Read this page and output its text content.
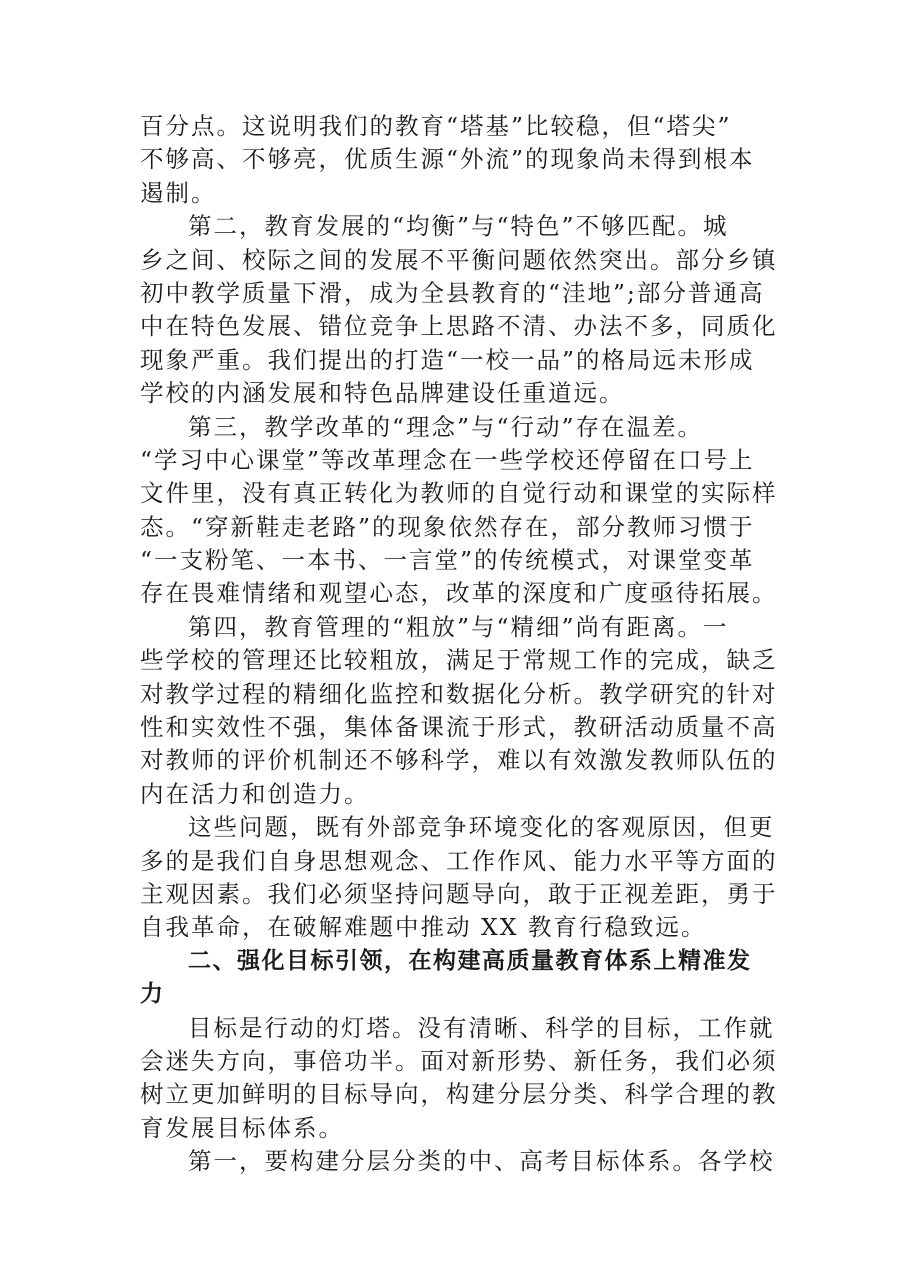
百分点。这说明我们的教育“塔基”比较稳，但“塔尖”
不够高、不够亮，优质生源“外流”的现象尚未得到根本
遏制。
第二，教育发展的“均衡”与“特色”不够匹配。城
乡之间、校际之间的发展不平衡问题依然突出。部分乡镇
初中教学质量下滑，成为全县教育的“洼地”;部分普通高
中在特色发展、错位竞争上思路不清、办法不多，同质化
现象严重。我们提出的打造“一校一品”的格局远未形成
学校的内涵发展和特色品牌建设任重道远。
第三，教学改革的“理念”与“行动”存在温差。
“学习中心课堂”等改革理念在一些学校还停留在口号上
文件里，没有真正转化为教师的自觉行动和课堂的实际样
态。“穿新鞋走老路”的现象依然存在，部分教师习惯于
“一支粉笔、一本书、一言堂”的传统模式，对课堂变革
存在畏难情绪和观望心态，改革的深度和广度亟待拓展。
第四，教育管理的“粗放”与“精细”尚有距离。一
些学校的管理还比较粗放，满足于常规工作的完成，缺乏
对教学过程的精细化监控和数据化分析。教学研究的针对
性和实效性不强，集体备课流于形式，教研活动质量不高
对教师的评价机制还不够科学，难以有效激发教师队伍的
内在活力和创造力。
这些问题，既有外部竞争环境变化的客观原因，但更
多的是我们自身思想观念、工作作风、能力水平等方面的
主观因素。我们必须坚持问题导向，敢于正视差距，勇于
自我革命，在破解难题中推动 XX 教育行稳致远。
二、强化目标引领，在构建高质量教育体系上精准发
力
目标是行动的灯塔。没有清晰、科学的目标，工作就
会迷失方向，事倍功半。面对新形势、新任务，我们必须
树立更加鲜明的目标导向，构建分层分类、科学合理的教
育发展目标体系。
第一，要构建分层分类的中、高考目标体系。各学校
